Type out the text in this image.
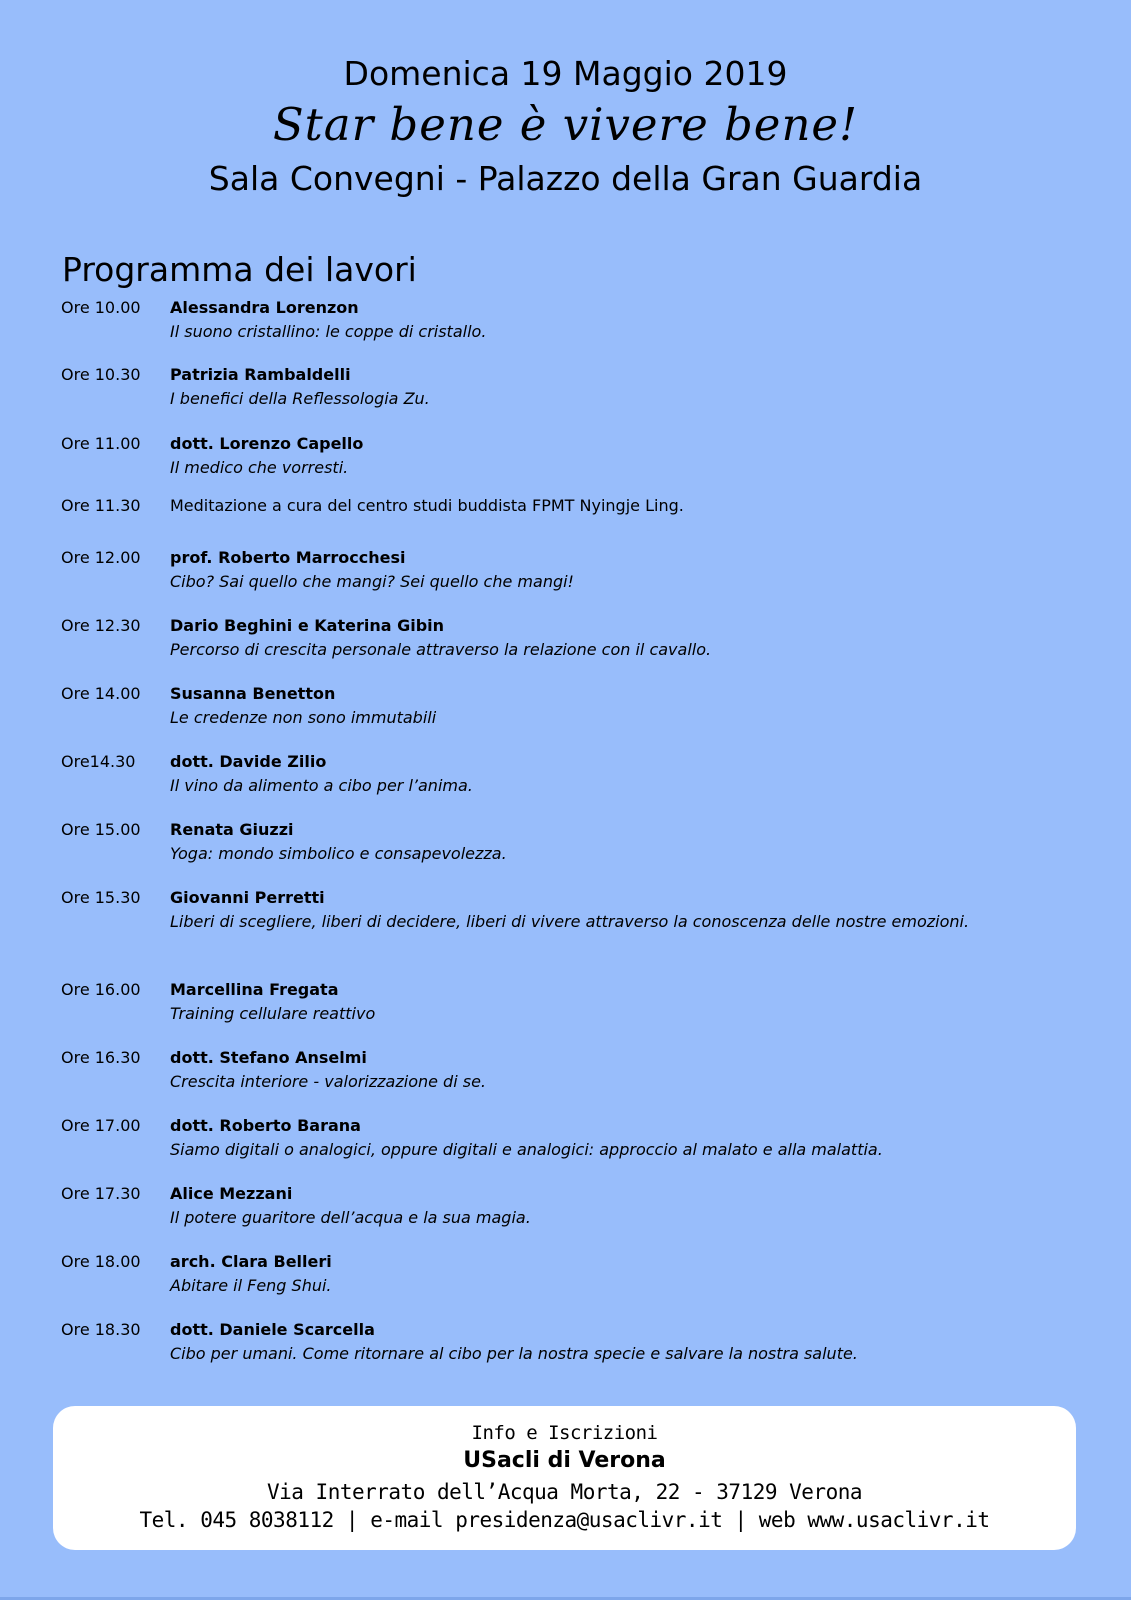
Domenica 19 Maggio 2019

Star bene è vivere bene!

Sala Convegni - Palazzo della Gran Guardia

Programma dei lavori

Ore 10.00 Alessandra Lorenzon
Il suono cristallino: le coppe di cristallo.
Ore 10.30 Patrizia Rambaldelli
I benefici della Reflessologia Zu.
Ore 11.00 dott. Lorenzo Capello
Il medico che vorresti.
Ore 11.30 Meditazione a cura del centro studi buddista FPMT Nyingje Ling.
Ore 12.00 prof. Roberto Marrocchesi
Cibo? Sai quello che mangi? Sei quello che mangi!
Ore 12.30 Dario Beghini e Katerina Gibin
Percorso di crescita personale attraverso la relazione con il cavallo.
Ore 14.00 Susanna Benetton
Le credenze non sono immutabili
Ore14.30 dott. Davide Zilio
Il vino da alimento a cibo per l’anima.
Ore 15.00 Renata Giuzzi
Yoga: mondo simbolico e consapevolezza.
Ore 15.30 Giovanni Perretti
Liberi di scegliere, liberi di decidere, liberi di vivere attraverso la conoscenza delle nostre emozioni.
Ore 16.00 Marcellina Fregata
Training cellulare reattivo
Ore 16.30 dott. Stefano Anselmi
Crescita interiore - valorizzazione di se.
Ore 17.00 dott. Roberto Barana
Siamo digitali o analogici, oppure digitali e analogici: approccio al malato e alla malattia.
Ore 17.30 Alice Mezzani
Il potere guaritore dell’acqua e la sua magia.
Ore 18.00 arch. Clara Belleri
Abitare il Feng Shui.
Ore 18.30 dott. Daniele Scarcella
Cibo per umani. Come ritornare al cibo per la nostra specie e salvare la nostra salute.
Info e Iscrizioni
USacli di Verona
Via Interrato dell’Acqua Morta, 22 - 37129 Verona
Tel. 045 8038112 | e-mail presidenza@usaclivr.it | web www.usaclivr.it
